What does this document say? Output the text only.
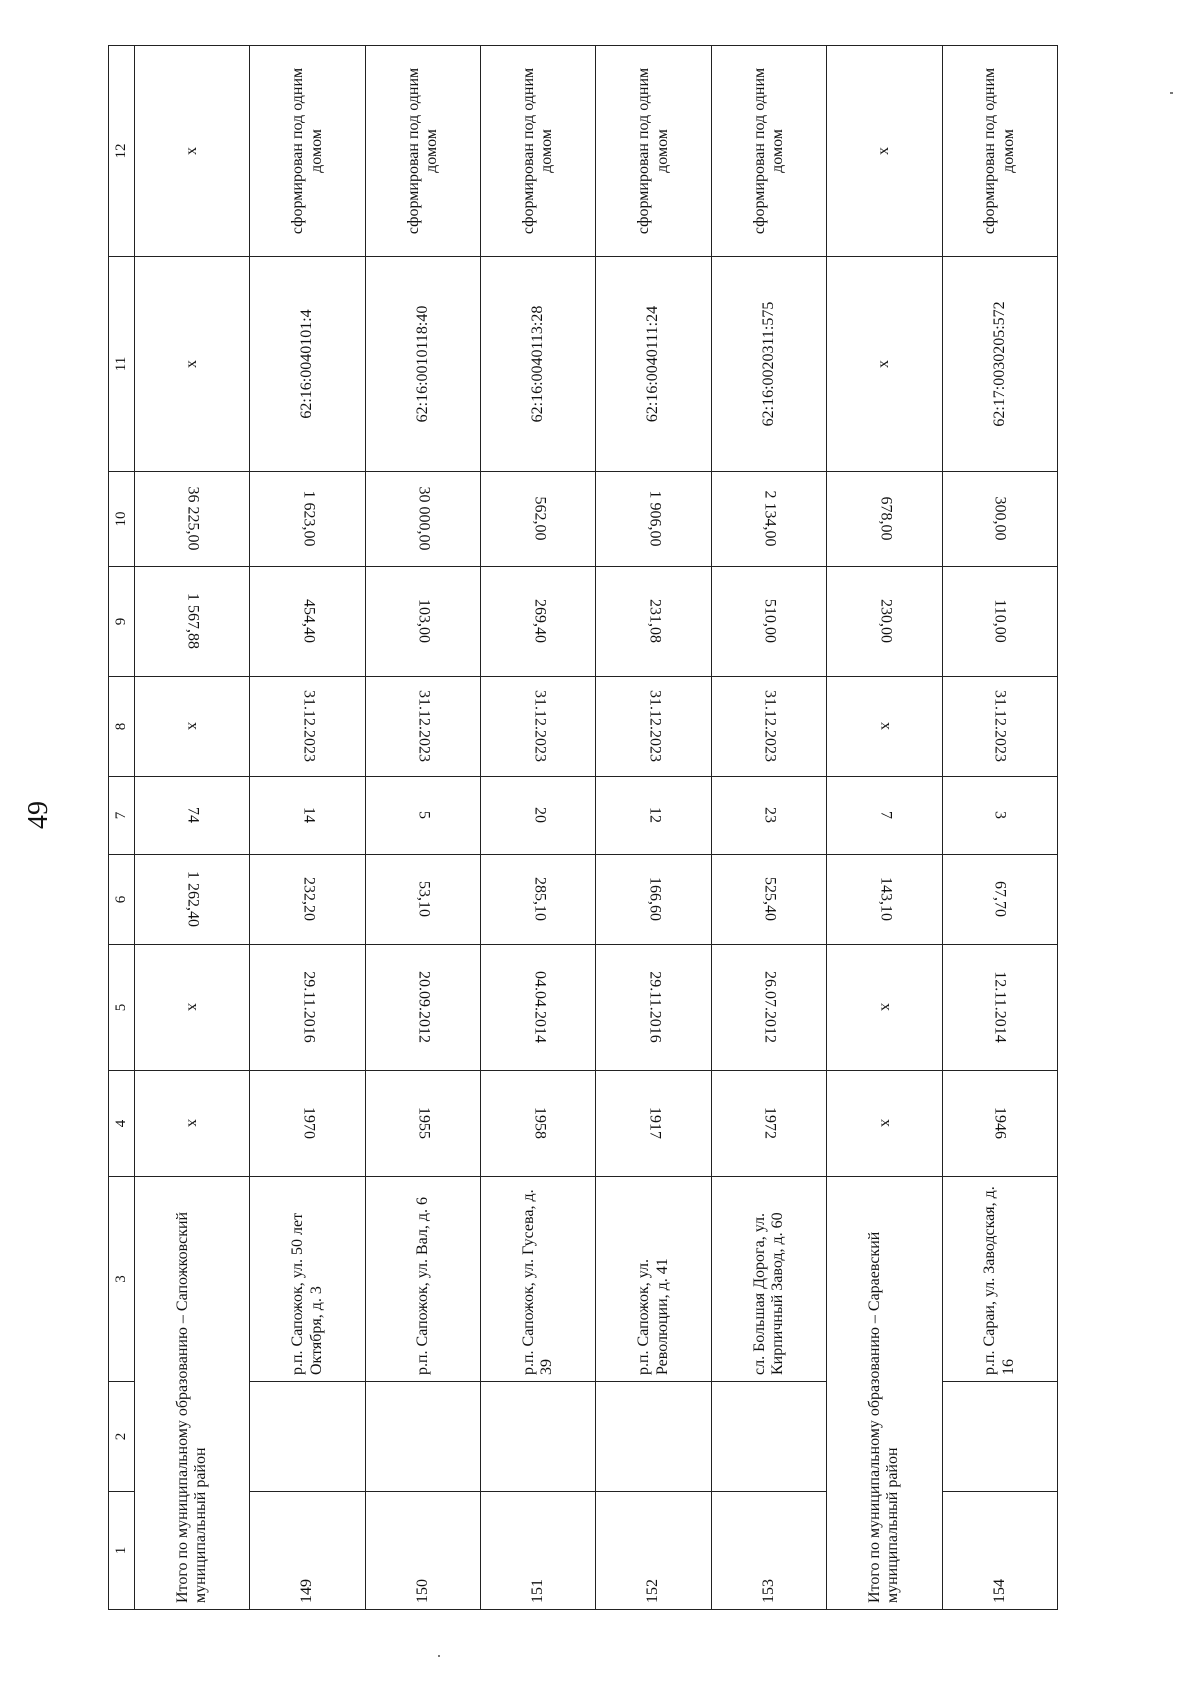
49
1	2	3	4	5	6	7	8	9	10	11	12
Итого по муниципальному образованию – Сапожковский муниципальный район			x	x	1 262,40	74	x	1 567,88	36 225,00	x	x
149		р.п. Сапожок, ул. 50 лет Октября, д. 3	1970	29.11.2016	232,20	14	31.12.2023	454,40	1 623,00	62:16:0040101:4	сформирован под одним домом
150		р.п. Сапожок, ул. Вал, д. 6	1955	20.09.2012	53,10	5	31.12.2023	103,00	30 000,00	62:16:0010118:40	сформирован под одним домом
151		р.п. Сапожок, ул. Гусева, д. 39	1958	04.04.2014	285,10	20	31.12.2023	269,40	562,00	62:16:0040113:28	сформирован под одним домом
152		р.п. Сапожок, ул. Революции, д. 41	1917	29.11.2016	166,60	12	31.12.2023	231,08	1 906,00	62:16:0040111:24	сформирован под одним домом
153		сл. Большая Дорога, ул. Кирпичный Завод, д. 60	1972	26.07.2012	525,40	23	31.12.2023	510,00	2 134,00	62:16:0020311:575	сформирован под одним домом
Итого по муниципальному образованию – Сараевский муниципальный район			x	x	143,10	7	x	230,00	678,00	x	x
154		р.п. Сараи, ул. Заводская, д. 16	1946	12.11.2014	67,70	3	31.12.2023	110,00	300,00	62:17:0030205:572	сформирован под одним домом
